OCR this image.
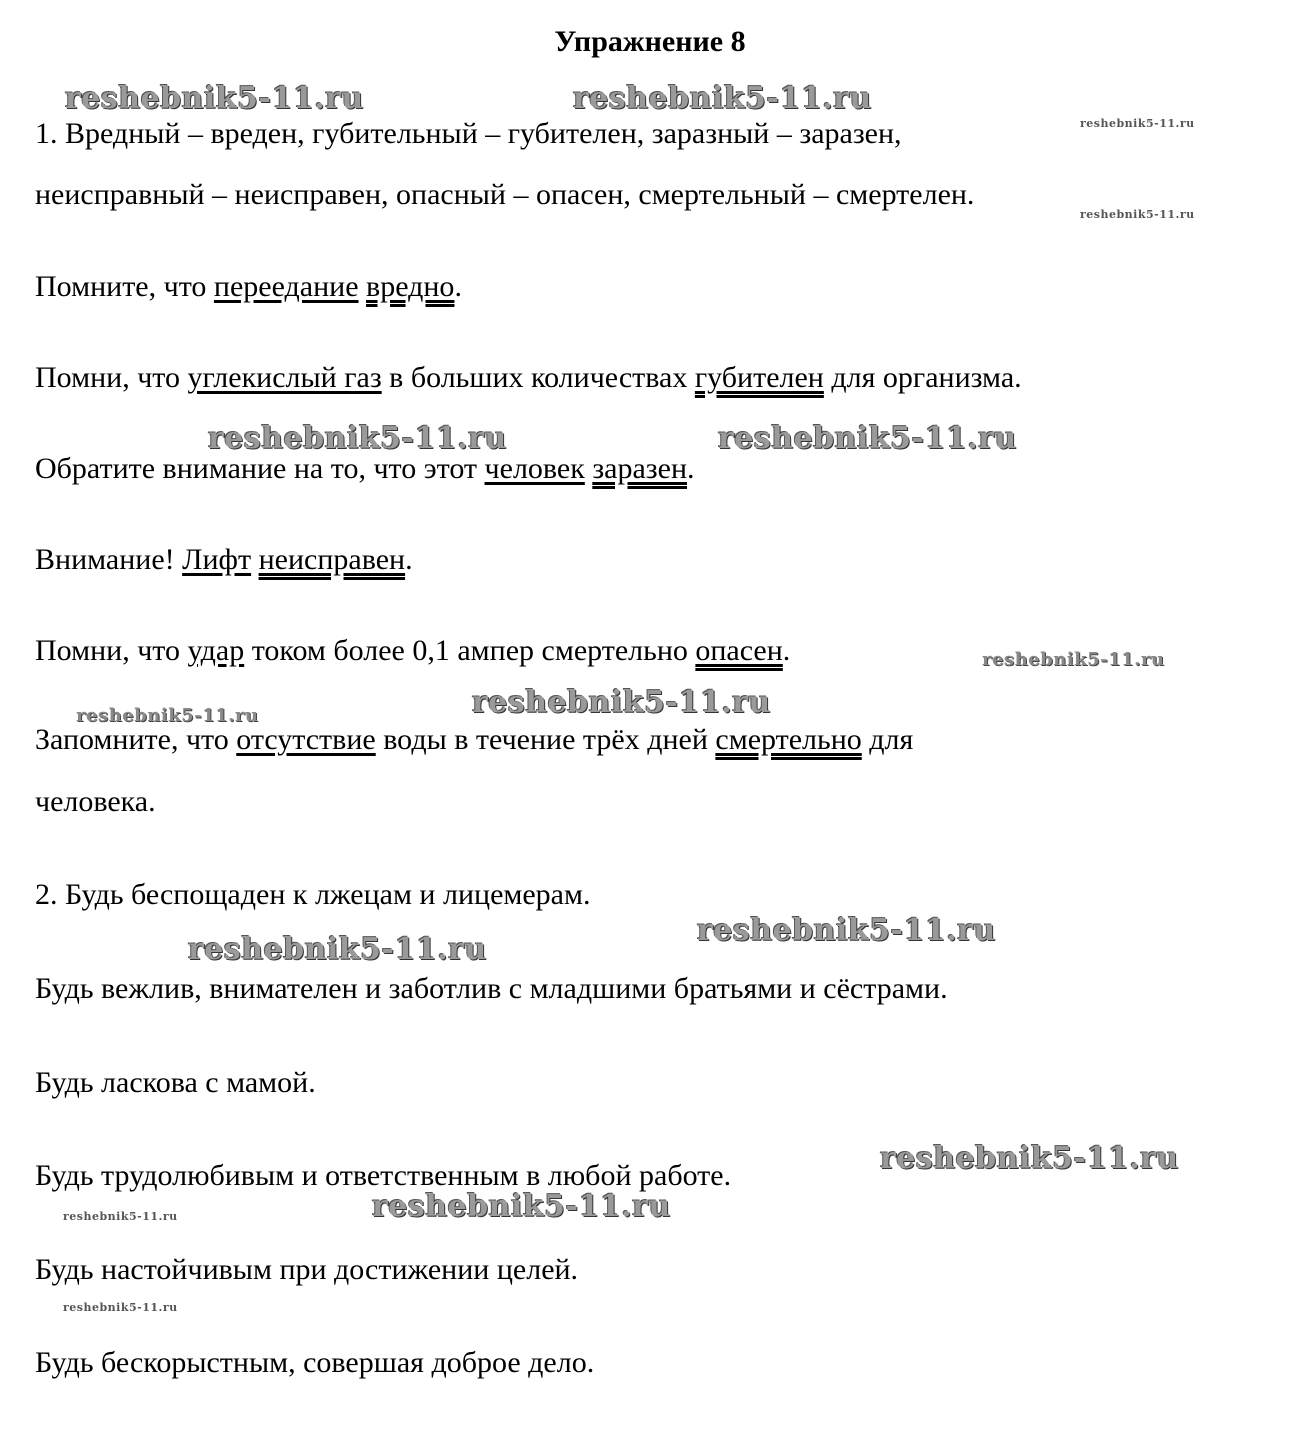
Упражнение 8
reshebnik5-11.ru	reshebnik5-11.ru
reshebnik5-11.ru
reshebnik5-11.ru
reshebnik5-11.ru	reshebnik5-11.ru
reshebnik5-11.ru
reshebnik5-11.ru
reshebnik5-11.ru
reshebnik5-11.ru
reshebnik5-11.ru
reshebnik5-11.ru
reshebnik5-11.ru	reshebnik5-11.ru
reshebnik5-11.ru
1. Вредный – вреден, губительный – губителен, заразный – заразен,
неисправный – неисправен, опасный – опасен, смертельный – смертелен.
Помните, что переедание вредно.
Помни, что углекислый газ в больших количествах губителен для организма.
Обратите внимание на то, что этот человек заразен.
Внимание! Лифт неисправен.
Помни, что удар током более 0,1 ампер смертельно опасен.
Запомните, что отсутствие воды в течение трёх дней смертельно для
человека.
2. Будь беспощаден к лжецам и лицемерам.
Будь вежлив, внимателен и заботлив с младшими братьями и сёстрами.
Будь ласкова с мамой.
Будь трудолюбивым и ответственным в любой работе.
Будь настойчивым при достижении целей.
Будь бескорыстным, совершая доброе дело.
